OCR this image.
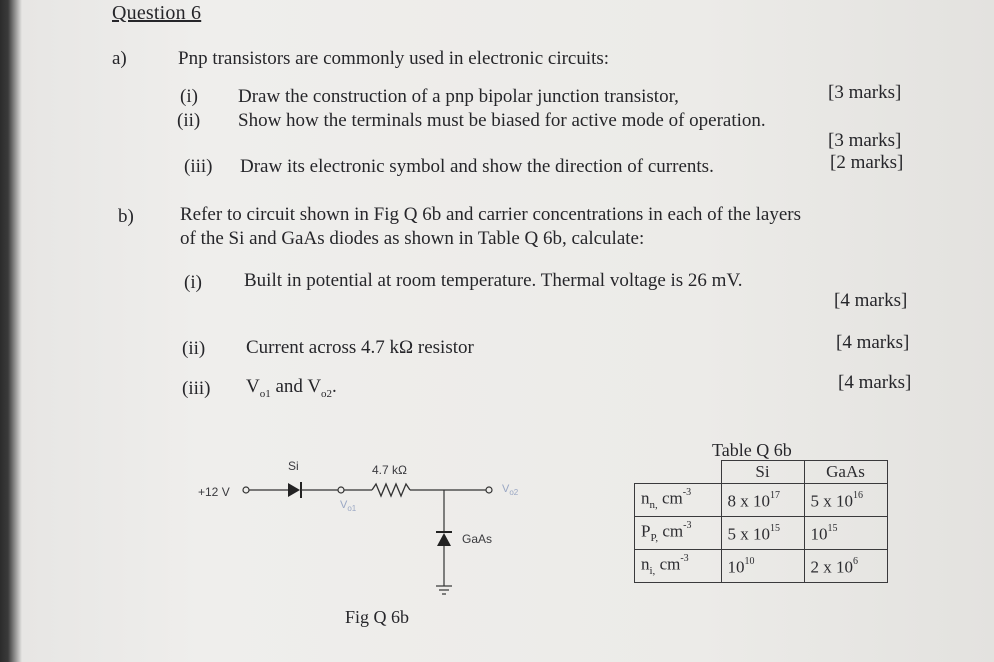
Question 6
a)	Pnp transistors are commonly used in electronic circuits:
(i) Draw the construction of a pnp bipolar junction transistor,	[3 marks]
(ii) Show how the terminals must be biased for active mode of operation.
[3 marks]
(iii) Draw its electronic symbol and show the direction of currents.	[2 marks]
b) Refer to circuit shown in Fig Q 6b and carrier concentrations in each of the layers
of the Si and GaAs diodes as shown in Table Q 6b, calculate:
(i) Built in potential at room temperature. Thermal voltage is 26 mV.
[4 marks]
(ii) Current across 4.7 kΩ resistor	[4 marks]
(iii) $V_{o1}$ and $V_{o2}$.	[4 marks]
+12 V
Si	4.7 kΩ
$V_{o1}$
$V_{o2}$
GaAs
Fig Q 6b
Table Q 6b
	Si	GaAs
$n_{n,}$ $cm^{-3}$	8 x $10^{17}$	5 x $10^{16}$
$P_{P,}$ $cm^{-3}$	5 x $10^{15}$	$10^{15}$
$n_{i,}$ $cm^{-3}$	$10^{10}$	2 x $10^6$
